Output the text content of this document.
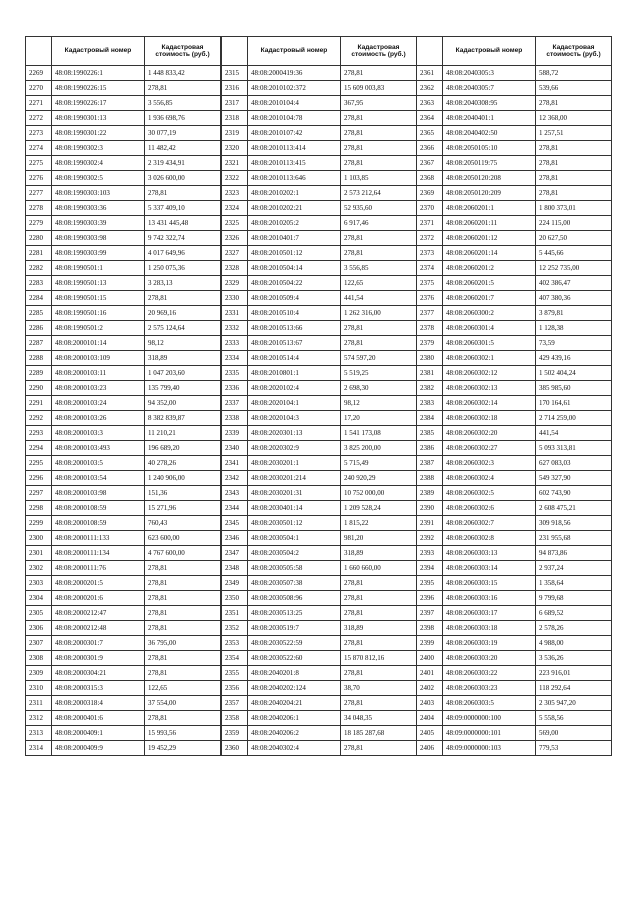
	Кадастровый номер	Кадастровая стоимость (руб.)
2269	48:08:1990226:1	1 448 833,42
2270	48:08:1990226:15	278,81
2271	48:08:1990226:17	3 556,85
2272	48:08:1990301:13	1 936 698,76
2273	48:08:1990301:22	30 077,19
2274	48:08:1990302:3	11 482,42
2275	48:08:1990302:4	2 319 434,91
2276	48:08:1990302:5	3 026 600,00
2277	48:08:1990303:103	278,81
2278	48:08:1990303:36	5 337 409,10
2279	48:08:1990303:39	13 431 445,48
2280	48:08:1990303:98	9 742 322,74
2281	48:08:1990303:99	4 017 649,96
2282	48:08:1990501:1	1 250 075,36
2283	48:08:1990501:13	3 283,13
2284	48:08:1990501:15	278,81
2285	48:08:1990501:16	20 969,16
2286	48:08:1990501:2	2 575 124,64
2287	48:08:2000101:14	98,12
2288	48:08:2000103:109	318,89
2289	48:08:2000103:11	1 047 203,60
2290	48:08:2000103:23	135 799,40
2291	48:08:2000103:24	94 352,00
2292	48:08:2000103:26	8 382 839,87
2293	48:08:2000103:3	11 210,21
2294	48:08:2000103:493	196 689,20
2295	48:08:2000103:5	40 278,26
2296	48:08:2000103:54	1 240 906,00
2297	48:08:2000103:98	151,36
2298	48:08:2000108:59	15 271,96
2299	48:08:2000108:59	760,43
2300	48:08:2000111:133	623 600,00
2301	48:08:2000111:134	4 767 600,00
2302	48:08:2000111:76	278,81
2303	48:08:2000201:5	278,81
2304	48:08:2000201:6	278,81
2305	48:08:2000212:47	278,81
2306	48:08:2000212:48	278,81
2307	48:08:2000301:7	36 795,00
2308	48:08:2000301:9	278,81
2309	48:08:2000304:21	278,81
2310	48:08:2000315:3	122,65
2311	48:08:2000318:4	37 554,00
2312	48:08:2000401:6	278,81
2313	48:08:2000409:1	15 993,56
2314	48:08:2000409:9	19 452,29
	Кадастровый номер	Кадастровая стоимость (руб.)
2315	48:08:2000419:36	278,81
2316	48:08:2010102:372	15 609 003,83
2317	48:08:2010104:4	367,95
2318	48:08:2010104:78	278,81
2319	48:08:2010107:42	278,81
2320	48:08:2010113:414	278,81
2321	48:08:2010113:415	278,81
2322	48:08:2010113:646	1 103,85
2323	48:08:2010202:1	2 573 212,64
2324	48:08:2010202:21	52 935,60
2325	48:08:2010205:2	6 917,46
2326	48:08:2010401:7	278,81
2327	48:08:2010501:12	278,81
2328	48:08:2010504:14	3 556,85
2329	48:08:2010504:22	122,65
2330	48:08:2010509:4	441,54
2331	48:08:2010510:4	1 262 316,00
2332	48:08:2010513:66	278,81
2333	48:08:2010513:67	278,81
2334	48:08:2010514:4	574 597,20
2335	48:08:2010801:1	5 519,25
2336	48:08:2020102:4	2 698,30
2337	48:08:2020104:1	98,12
2338	48:08:2020104:3	17,20
2339	48:08:2020301:13	1 541 173,08
2340	48:08:2020302:9	3 825 200,00
2341	48:08:2030201:1	5 715,49
2342	48:08:2030201:214	240 920,29
2343	48:08:2030201:31	10 752 000,00
2344	48:08:2030401:14	1 209 528,24
2345	48:08:2030501:12	1 815,22
2346	48:08:2030504:1	981,20
2347	48:08:2030504:2	318,89
2348	48:08:2030505:58	1 660 660,00
2349	48:08:2030507:38	278,81
2350	48:08:2030508:96	278,81
2351	48:08:2030513:25	278,81
2352	48:08:2030519:7	318,89
2353	48:08:2030522:59	278,81
2354	48:08:2030522:60	15 870 812,16
2355	48:08:2040201:8	278,81
2356	48:08:2040202:124	38,70
2357	48:08:2040204:21	278,81
2358	48:08:2040206:1	34 048,35
2359	48:08:2040206:2	18 185 287,68
2360	48:08:2040302:4	278,81
	Кадастровый номер	Кадастровая стоимость (руб.)
2361	48:08:2040305:3	588,72
2362	48:08:2040305:7	539,66
2363	48:08:2040308:95	278,81
2364	48:08:2040401:1	12 368,00
2365	48:08:2040402:50	1 257,51
2366	48:08:2050105:10	278,81
2367	48:08:2050119:75	278,81
2368	48:08:2050120:208	278,81
2369	48:08:2050120:209	278,81
2370	48:08:2060201:1	1 800 373,01
2371	48:08:2060201:11	224 115,00
2372	48:08:2060201:12	20 627,50
2373	48:08:2060201:14	5 445,66
2374	48:08:2060201:2	12 252 735,00
2375	48:08:2060201:5	402 386,47
2376	48:08:2060201:7	407 380,36
2377	48:08:2060300:2	3 879,81
2378	48:08:2060301:4	1 128,38
2379	48:08:2060301:5	73,59
2380	48:08:2060302:1	429 439,16
2381	48:08:2060302:12	1 502 404,24
2382	48:08:2060302:13	385 985,60
2383	48:08:2060302:14	170 164,61
2384	48:08:2060302:18	2 714 259,00
2385	48:08:2060302:20	441,54
2386	48:08:2060302:27	5 093 313,81
2387	48:08:2060302:3	627 083,03
2388	48:08:2060302:4	549 327,90
2389	48:08:2060302:5	602 743,90
2390	48:08:2060302:6	2 608 475,21
2391	48:08:2060302:7	309 918,56
2392	48:08:2060302:8	231 955,68
2393	48:08:2060303:13	94 873,86
2394	48:08:2060303:14	2 937,24
2395	48:08:2060303:15	1 358,64
2396	48:08:2060303:16	9 799,68
2397	48:08:2060303:17	6 689,52
2398	48:08:2060303:18	2 578,26
2399	48:08:2060303:19	4 988,00
2400	48:08:2060303:20	3 536,26
2401	48:08:2060303:22	223 916,01
2402	48:08:2060303:23	118 292,64
2403	48:08:2060303:5	2 305 947,20
2404	48:09:0000000:100	5 558,56
2405	48:09:0000000:101	569,00
2406	48:09:0000000:103	779,53
